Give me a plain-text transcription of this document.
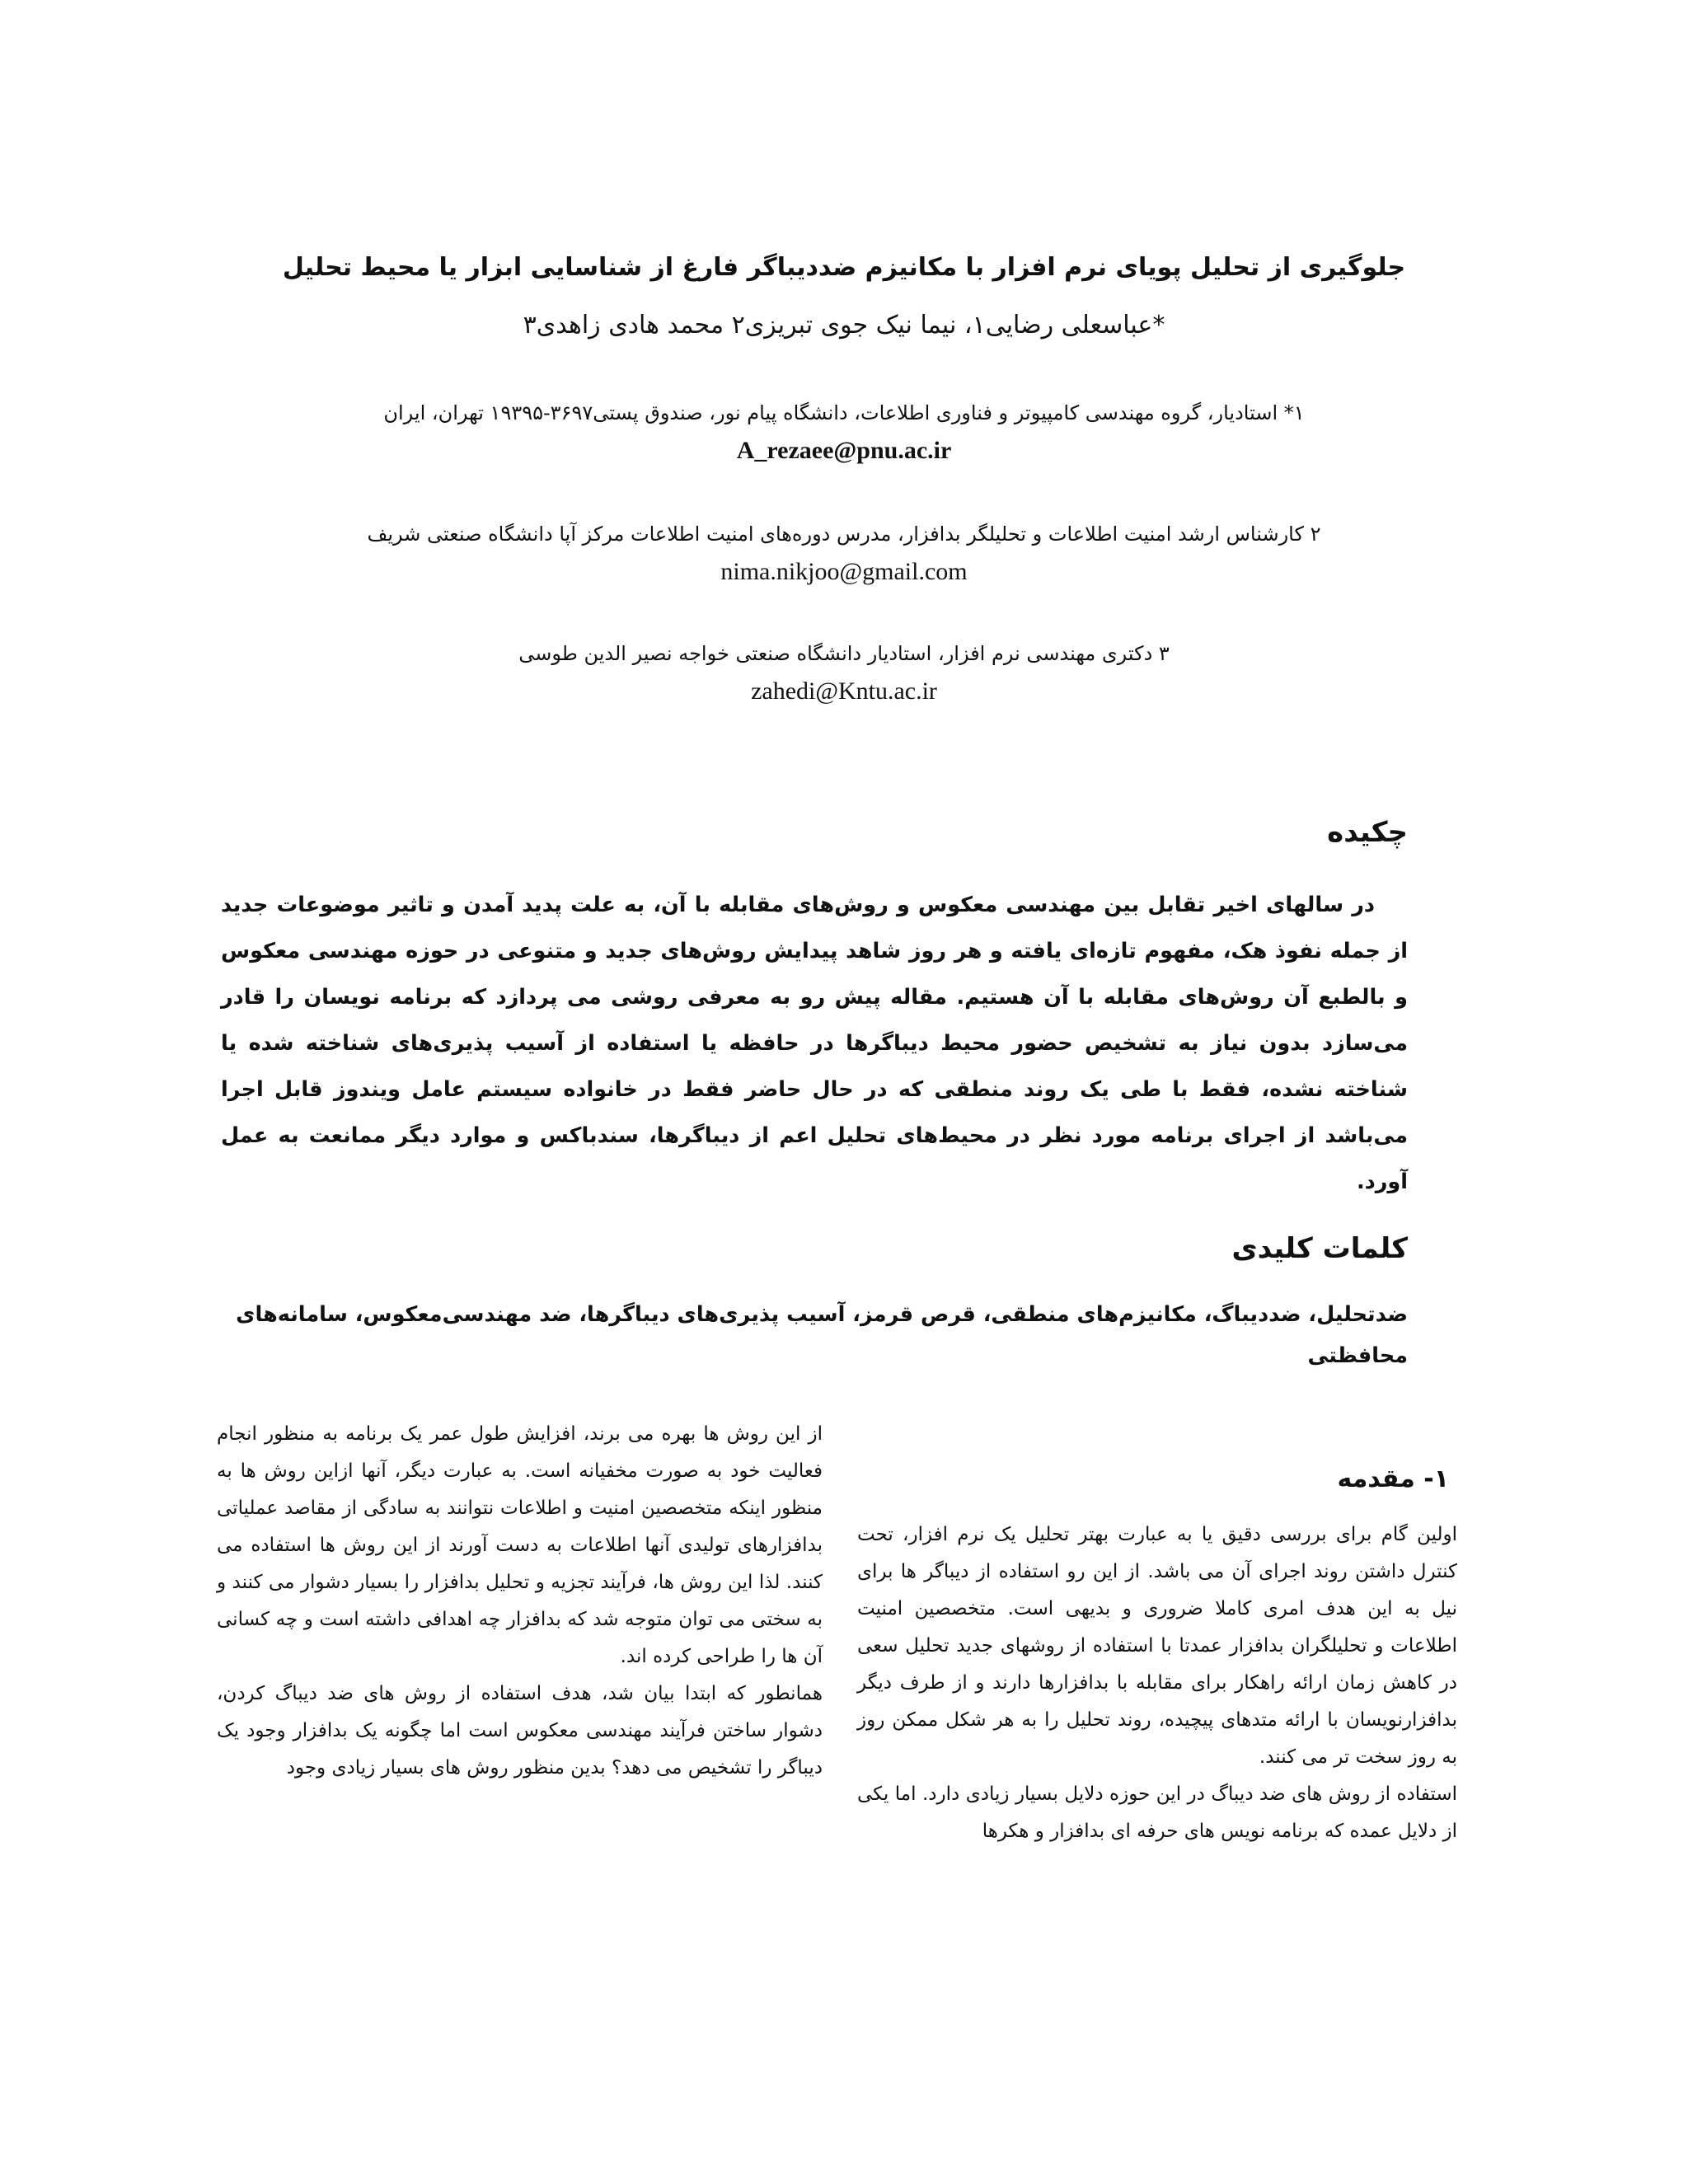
جلوگیری از تحلیل پویای نرم افزار با مکانیزم ضددیباگر فارغ از شناسایی ابزار یا محیط تحلیل
*عباسعلی رضایی۱، نیما نیک جوی تبریزی۲ محمد هادی زاهدی۳
۱* استادیار، گروه مهندسی کامپیوتر و فناوری اطلاعات، دانشگاه پیام نور، صندوق پستی۳۶۹۷-۱۹۳۹۵ تهران، ایران
A_rezaee@pnu.ac.ir
۲ کارشناس ارشد امنیت اطلاعات و تحلیلگر بدافزار، مدرس دوره‌های امنیت اطلاعات مرکز آپا دانشگاه صنعتی شریف
nima.nikjoo@gmail.com
۳ دکتری مهندسی نرم افزار، استادیار دانشگاه صنعتی خواجه نصیر الدین طوسی
zahedi@Kntu.ac.ir
چکیده

در سالهای اخیر تقابل بین مهندسی معکوس و روش‌های مقابله با آن، به علت پدید آمدن و تاثیر موضوعات جدید از جمله نفوذ هک، مفهوم تازه‌ای یافته و هر روز شاهد پیدایش روش‌های جدید و متنوعی در حوزه مهندسی معکوس و بالطبع آن روش‌های مقابله با آن هستیم. مقاله پیش رو به معرفی روشی می پردازد که برنامه نویسان را قادر می‌سازد بدون نیاز به تشخیص حضور محیط دیباگرها در حافظه یا استفاده از آسیب پذیری‌های شناخته شده یا شناخته نشده، فقط با طی یک روند منطقی که در حال حاضر فقط در خانواده سیستم عامل ویندوز قابل اجرا می‌باشد از اجرای برنامه مورد نظر در محیط‌های تحلیل اعم از دیباگرها، سندباکس و موارد دیگر ممانعت به عمل آورد.

کلمات کلیدی
ضدتحلیل، ضددیباگ، مکانیزم‌های منطقی، قرص قرمز، آسیب پذیری‌های دیباگرها، ضد مهندسی‌معکوس، سامانه‌های محافظتی
۱- مقدمه

اولین گام برای بررسی دقیق یا به عبارت بهتر تحلیل یک نرم افزار، تحت کنترل داشتن روند اجرای آن می باشد. از این رو استفاده از دیباگر ها برای نیل به این هدف امری کاملا ضروری و بدیهی است. متخصصین امنیت اطلاعات و تحلیلگران بدافزار عمدتا با استفاده از روشهای جدید تحلیل سعی در کاهش زمان ارائه راهکار برای مقابله با بدافزارها دارند و از طرف دیگر بدافزارنویسان با ارائه متدهای پیچیده، روند تحلیل را به هر شکل ممکن روز به روز سخت تر می کنند.

استفاده از روش های ضد دیباگ در این حوزه دلایل بسیار زیادی دارد. اما یکی از دلایل عمده که برنامه نویس های حرفه ای بدافزار و هکرها

از این روش ها بهره می برند، افزایش طول عمر یک برنامه به منظور انجام فعالیت خود به صورت مخفیانه است. به عبارت دیگر، آنها ازاین روش ها به منظور اینکه متخصصین امنیت و اطلاعات نتوانند به سادگی از مقاصد عملیاتی بدافزارهای تولیدی آنها اطلاعات به دست آورند از این روش ها استفاده می کنند. لذا این روش ها، فرآیند تجزیه و تحلیل بدافزار را بسیار دشوار می کنند و به سختی می توان متوجه شد که بدافزار چه اهدافی داشته است و چه کسانی آن ها را طراحی کرده اند.

همانطور که ابتدا بیان شد، هدف استفاده از روش های ضد دیباگ کردن، دشوار ساختن فرآیند مهندسی معکوس است اما چگونه یک بدافزار وجود یک دیباگر را تشخیص می دهد؟ بدین منظور روش های بسیار زیادی وجود
